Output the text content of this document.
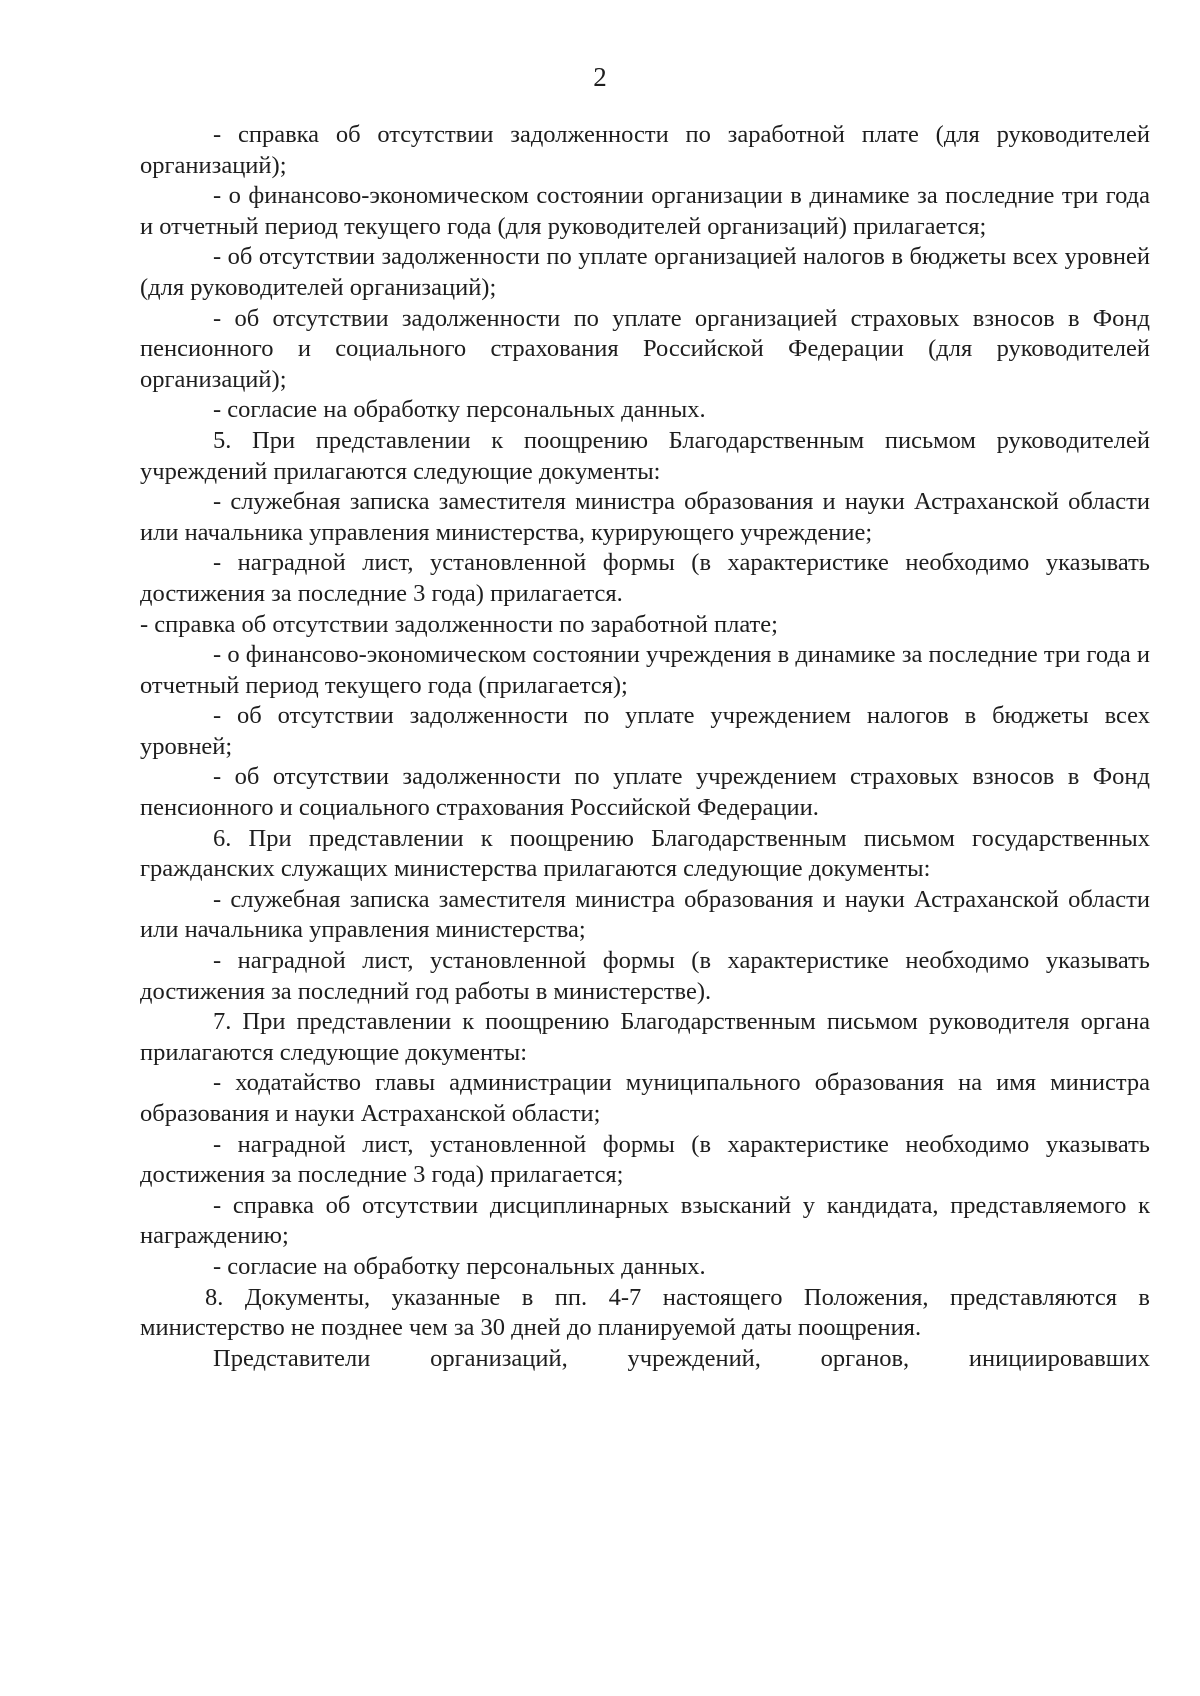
2

- справка об отсутствии задолженности по заработной плате (для руководителей организаций);

- о финансово-экономическом состоянии организации в динамике за последние три года и отчетный период текущего года (для руководителей организаций) прилагается;

- об отсутствии задолженности по уплате организацией налогов в бюджеты всех уровней (для руководителей организаций);

- об отсутствии задолженности по уплате организацией страховых взносов в Фонд пенсионного и социального страхования Российской Федерации (для руководителей организаций);

- согласие на обработку персональных данных.

5. При представлении к поощрению Благодарственным письмом руководителей учреждений прилагаются следующие документы:

- служебная записка заместителя министра образования и науки Астраханской области или начальника управления министерства, курирующего учреждение;

- наградной лист, установленной формы (в характеристике необходимо указывать достижения за последние 3 года) прилагается.

- справка об отсутствии задолженности по заработной плате;

- о финансово-экономическом состоянии учреждения в динамике за последние три года и отчетный период текущего года (прилагается);

- об отсутствии задолженности по уплате учреждением налогов в бюджеты всех уровней;

- об отсутствии задолженности по уплате учреждением страховых взносов в Фонд пенсионного и социального страхования Российской Федерации.

6. При представлении к поощрению Благодарственным письмом государственных гражданских служащих министерства прилагаются следующие документы:

- служебная записка заместителя министра образования и науки Астраханской области или начальника управления министерства;

- наградной лист, установленной формы (в характеристике необходимо указывать достижения за последний год работы в министерстве).

7. При представлении к поощрению Благодарственным письмом руководителя органа прилагаются следующие документы:

- ходатайство главы администрации муниципального образования на имя министра образования и науки Астраханской области;

- наградной лист, установленной формы (в характеристике необходимо указывать достижения за последние 3 года) прилагается;

- справка об отсутствии дисциплинарных взысканий у кандидата, представляемого к награждению;

- согласие на обработку персональных данных.

8. Документы, указанные в пп. 4-7 настоящего Положения, представляются в министерство не позднее чем за 30 дней до планируемой даты поощрения.

Представители организаций, учреждений, органов, инициировавших
